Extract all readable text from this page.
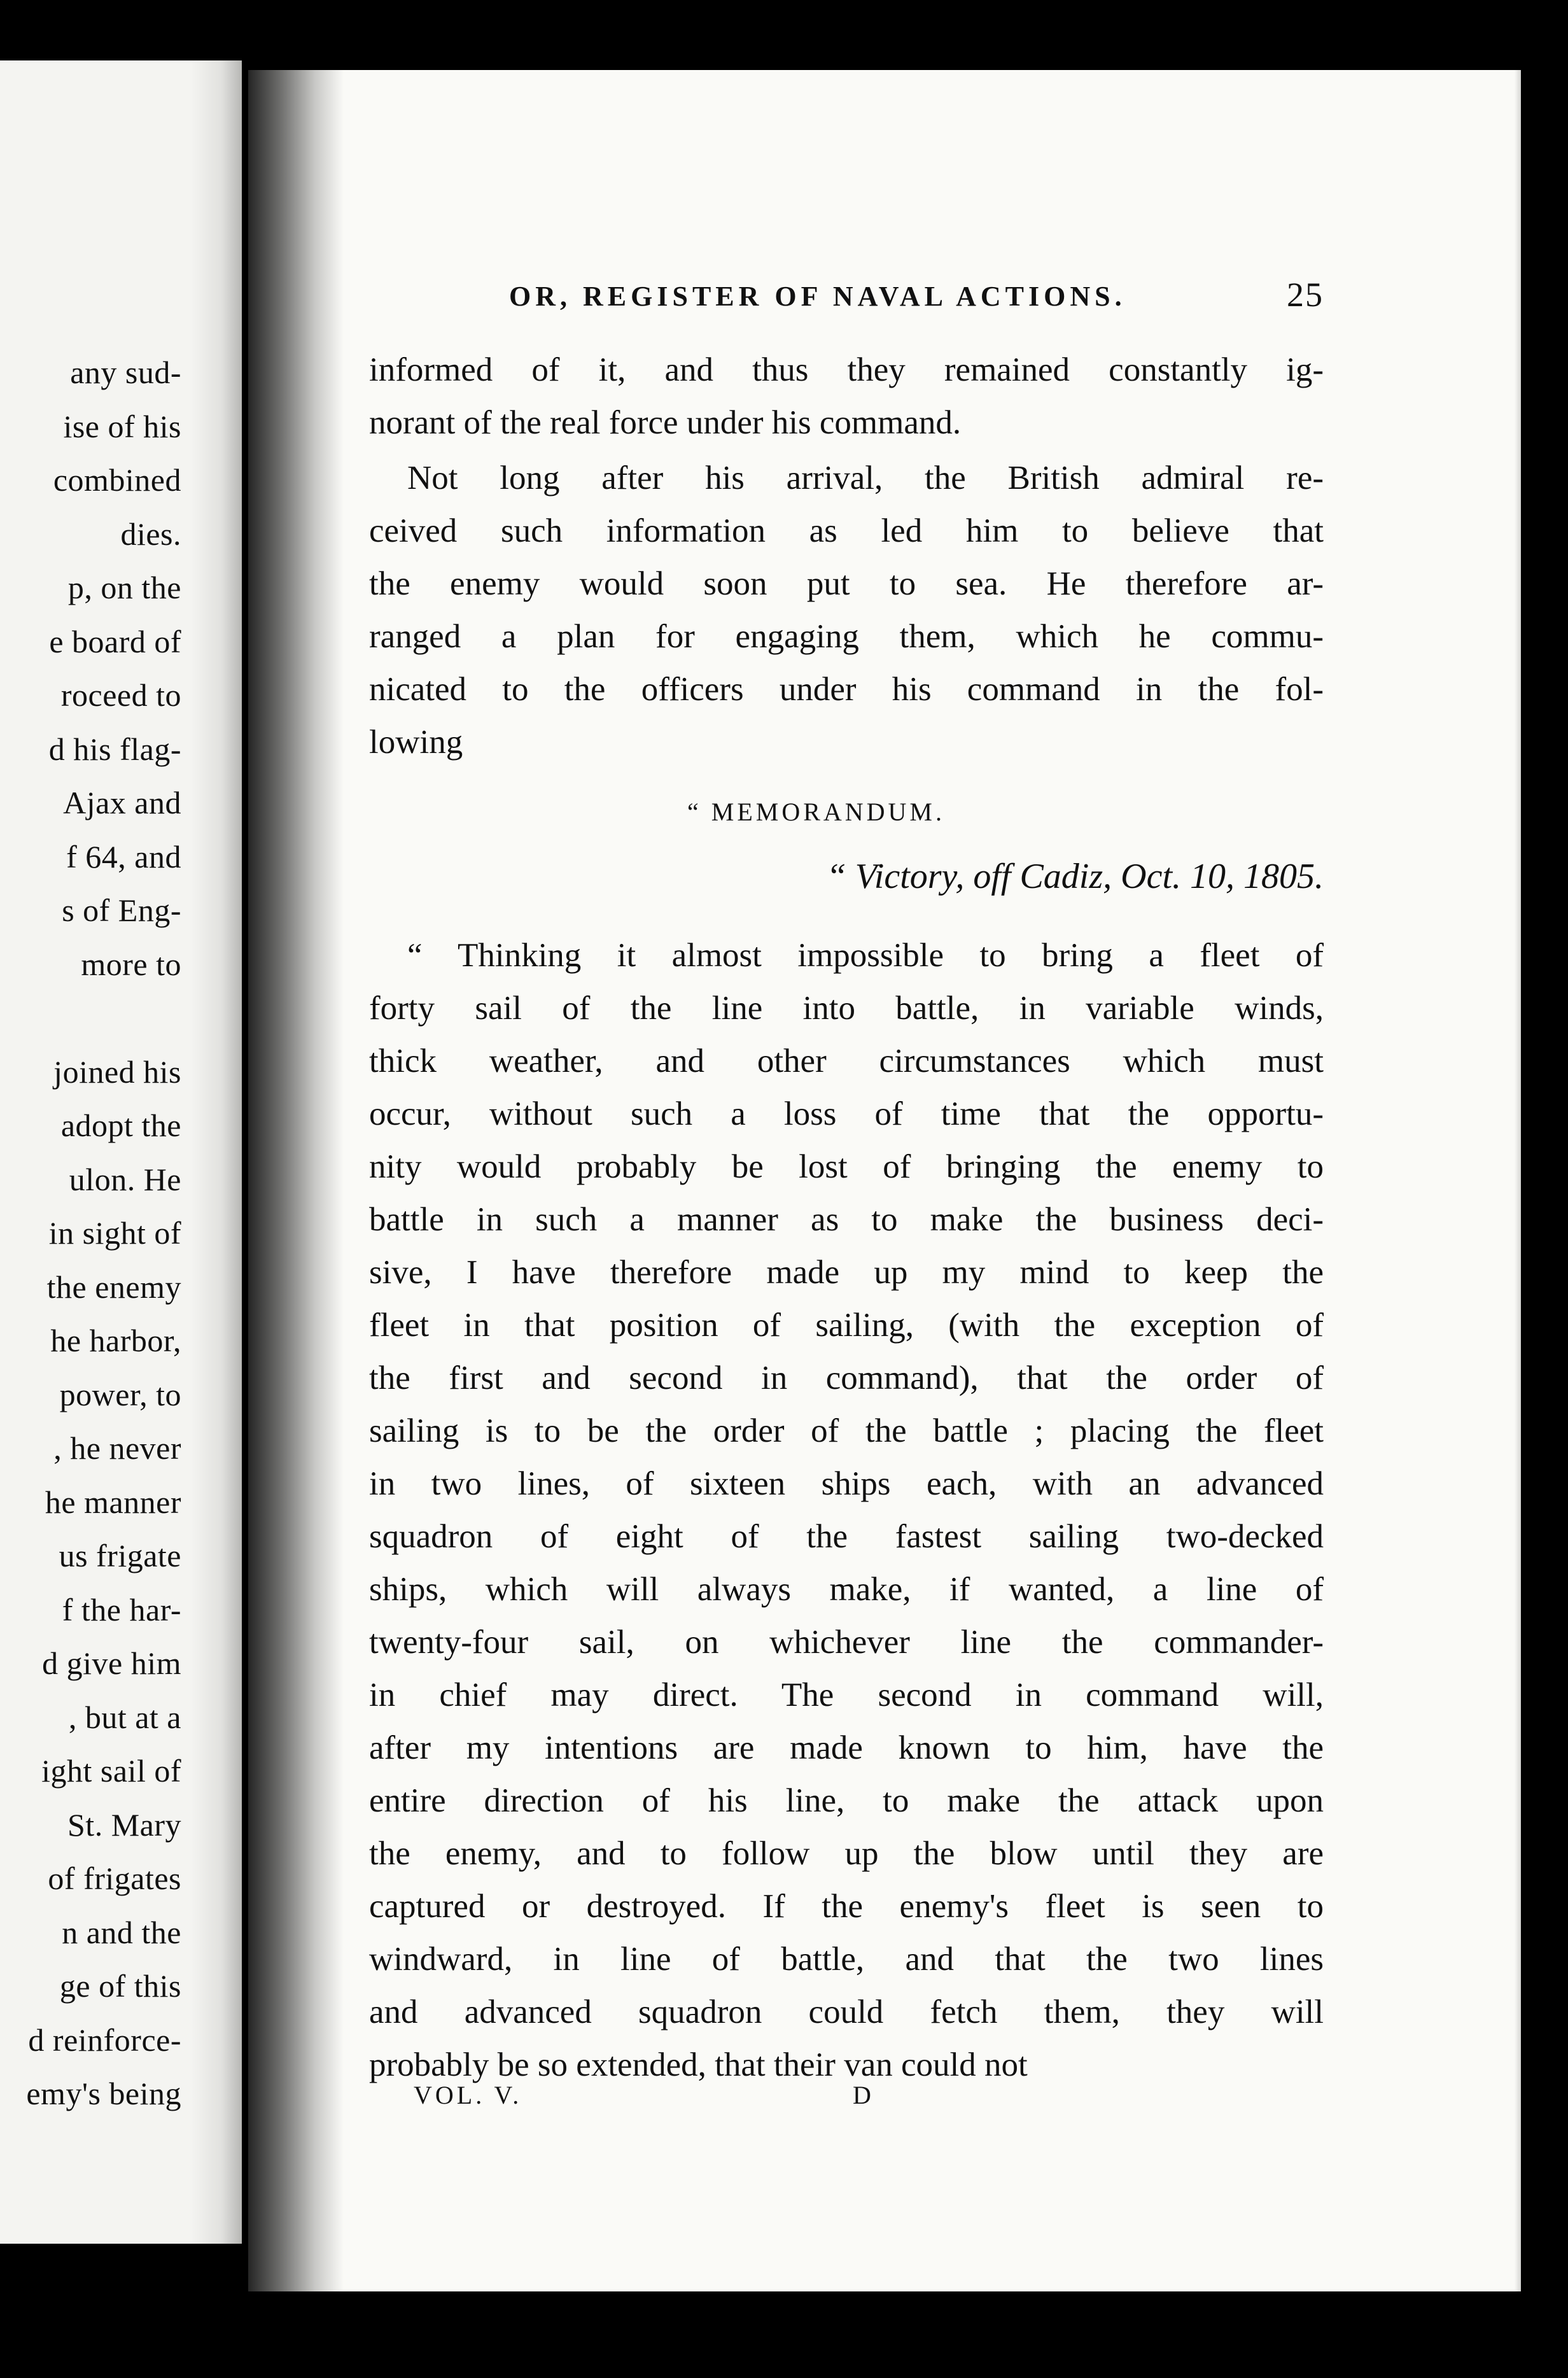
any sud-
ise of his
combined
dies.
p, on the
e board of
roceed to
d his flag-
Ajax and
f 64, and
s of Eng-
more to
joined his
adopt the
ulon. He
in sight of
the enemy
he harbor,
power, to
, he never
he manner
us frigate
f the har-
d give him
, but at a
ight sail of
St. Mary
of frigates
n and the
ge of this
d reinforce-
emy's being
OR, REGISTER OF NAVAL ACTIONS.	25
informed of it, and thus they remained constantly ig-
norant of the real force under his command.
Not long after his arrival, the British admiral re-
ceived such information as led him to believe that
the enemy would soon put to sea. He therefore ar-
ranged a plan for engaging them, which he commu-
nicated to the officers under his command in the fol-
lowing
“ MEMORANDUM.
“ Victory, off Cadiz, Oct. 10, 1805.
“ Thinking it almost impossible to bring a fleet of
forty sail of the line into battle, in variable winds,
thick weather, and other circumstances which must
occur, without such a loss of time that the opportu-
nity would probably be lost of bringing the enemy to
battle in such a manner as to make the business deci-
sive, I have therefore made up my mind to keep the
fleet in that position of sailing, (with the exception of
the first and second in command), that the order of
sailing is to be the order of the battle ; placing the fleet
in two lines, of sixteen ships each, with an advanced
squadron of eight of the fastest sailing two-decked
ships, which will always make, if wanted, a line of
twenty-four sail, on whichever line the commander-
in chief may direct. The second in command will,
after my intentions are made known to him, have the
entire direction of his line, to make the attack upon
the enemy, and to follow up the blow until they are
captured or destroyed. If the enemy's fleet is seen to
windward, in line of battle, and that the two lines
and advanced squadron could fetch them, they will
probably be so extended, that their van could not
VOL. V.	D
